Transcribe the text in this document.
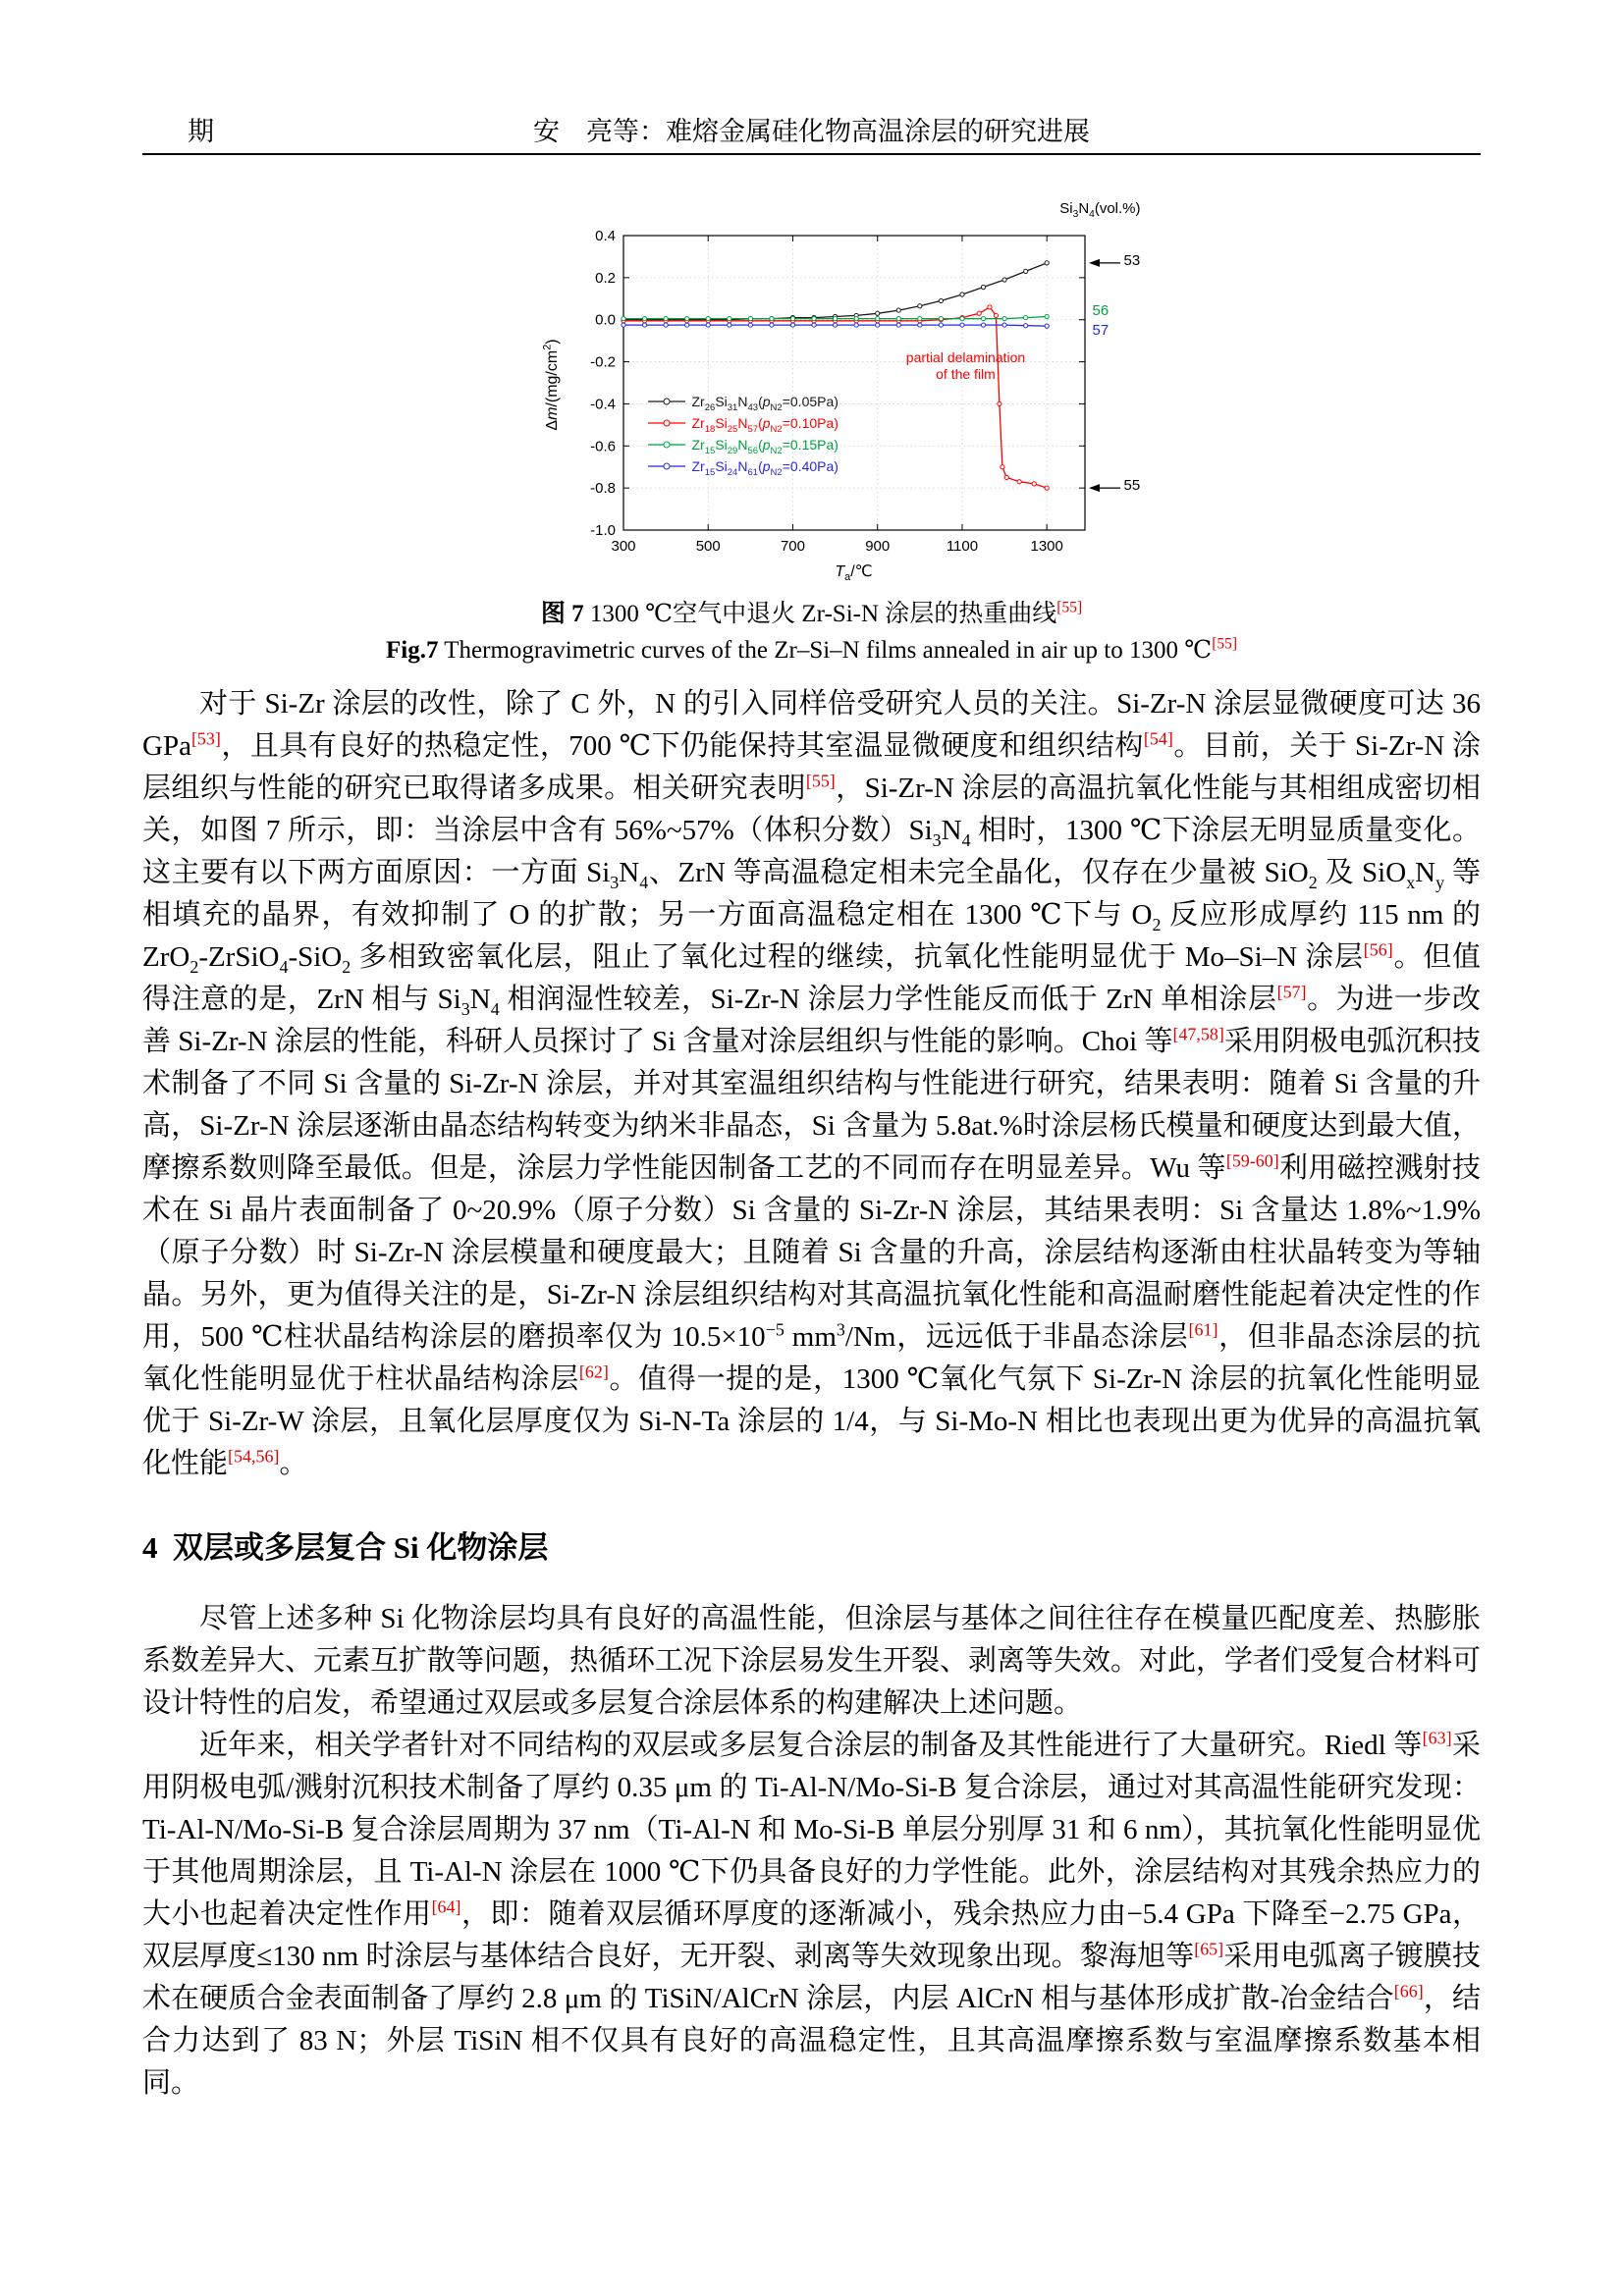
期	安　亮等：难熔金属硅化物高温涂层的研究进展
300	500	700	900	1100	1300
0.4
0.2
0.0
-0.2
-0.4
-0.6
-0.8
-1.0
$Si_3N_4(vol.\%)$
$\Delta m/(mg/cm^2)$
$T_a/℃$
partial delamination
of the film
$Zr_{26}Si_{31}N_{43}(p_{N2}=0.05Pa)$
$Zr_{18}Si_{25}N_{57}(p_{N2}=0.10Pa)$
$Zr_{15}Si_{29}N_{56}(p_{N2}=0.15Pa)$
$Zr_{15}Si_{24}N_{61}(p_{N2}=0.40Pa)$
53
56
57
55
图 7 1300 ℃空气中退火 Zr-Si-N 涂层的热重曲线[55]
Fig.7 Thermogravimetric curves of the Zr–Si–N films annealed in air up to 1300 ℃[55]

对于 Si-Zr 涂层的改性，除了 C 外，N 的引入同样倍受研究人员的关注。Si-Zr-N 涂层显微硬度可达 36 GPa[53]，且具有良好的热稳定性，700 ℃下仍能保持其室温显微硬度和组织结构[54]。目前，关于 Si-Zr-N 涂层组织与性能的研究已取得诸多成果。相关研究表明[55]，Si-Zr-N 涂层的高温抗氧化性能与其相组成密切相关，如图 7 所示，即：当涂层中含有 56%~57%（体积分数）$Si_3N_4$ 相时，1300 ℃下涂层无明显质量变化。这主要有以下两方面原因：一方面 $Si_3N_4$、ZrN 等高温稳定相未完全晶化，仅存在少量被 SiO$_2$ 及 $SiO_xN_y$ 等相填充的晶界，有效抑制了 O 的扩散；另一方面高温稳定相在 1300 ℃下与 $O_2$ 反应形成厚约 115 nm 的 ZrO$_2$-ZrSiO$_4$-SiO$_2$ 多相致密氧化层，阻止了氧化过程的继续，抗氧化性能明显优于 Mo–Si–N 涂层[56]。但值得注意的是，ZrN 相与 $Si_3N_4$ 相润湿性较差，Si-Zr-N 涂层力学性能反而低于 ZrN 单相涂层[57]。为进一步改善 Si-Zr-N 涂层的性能，科研人员探讨了 Si 含量对涂层组织与性能的影响。Choi 等[47,58]采用阴极电弧沉积技术制备了不同 Si 含量的 Si-Zr-N 涂层，并对其室温组织结构与性能进行研究，结果表明：随着 Si 含量的升高，Si-Zr-N 涂层逐渐由晶态结构转变为纳米非晶态，Si 含量为 5.8at.%时涂层杨氏模量和硬度达到最大值，摩擦系数则降至最低。但是，涂层力学性能因制备工艺的不同而存在明显差异。Wu 等[59-60]利用磁控溅射技术在 Si 晶片表面制备了 0~20.9%（原子分数）Si 含量的 Si-Zr-N 涂层，其结果表明：Si 含量达 1.8%~1.9%（原子分数）时 Si-Zr-N 涂层模量和硬度最大；且随着 Si 含量的升高，涂层结构逐渐由柱状晶转变为等轴晶。另外，更为值得关注的是，Si-Zr-N 涂层组织结构对其高温抗氧化性能和高温耐磨性能起着决定性的作用，500 ℃柱状晶结构涂层的磨损率仅为 $10.5\times 10^{-5}$ $mm^3/Nm$，远远低于非晶态涂层[61]，但非晶态涂层的抗氧化性能明显优于柱状晶结构涂层[62]。值得一提的是，1300 ℃氧化气氛下 Si-Zr-N 涂层的抗氧化性能明显优于 Si-Zr-W 涂层，且氧化层厚度仅为 Si-N-Ta 涂层的 1/4，与 Si-Mo-N 相比也表现出更为优异的高温抗氧化性能[54,56]。

4  双层或多层复合 Si 化物涂层

尽管上述多种 Si 化物涂层均具有良好的高温性能，但涂层与基体之间往往存在模量匹配度差、热膨胀系数差异大、元素互扩散等问题，热循环工况下涂层易发生开裂、剥离等失效。对此，学者们受复合材料可设计特性的启发，希望通过双层或多层复合涂层体系的构建解决上述问题。

近年来，相关学者针对不同结构的双层或多层复合涂层的制备及其性能进行了大量研究。Riedl 等[63]采用阴极电弧/溅射沉积技术制备了厚约 0.35 μm 的 Ti-Al-N/Mo-Si-B 复合涂层，通过对其高温性能研究发现：Ti-Al-N/Mo-Si-B 复合涂层周期为 37 nm（Ti-Al-N 和 Mo-Si-B 单层分别厚 31 和 6 nm），其抗氧化性能明显优于其他周期涂层，且 Ti-Al-N 涂层在 1000 ℃下仍具备良好的力学性能。此外，涂层结构对其残余热应力的大小也起着决定性作用[64]，即：随着双层循环厚度的逐渐减小，残余热应力由−5.4 GPa 下降至−2.75 GPa，双层厚度≤130 nm 时涂层与基体结合良好，无开裂、剥离等失效现象出现。黎海旭等[65]采用电弧离子镀膜技术在硬质合金表面制备了厚约 2.8 μm 的 TiSiN/AlCrN 涂层，内层 AlCrN 相与基体形成扩散-冶金结合[66]，结合力达到了 83 N；外层 TiSiN 相不仅具有良好的高温稳定性，且其高温摩擦系数与室温摩擦系数基本相同。
